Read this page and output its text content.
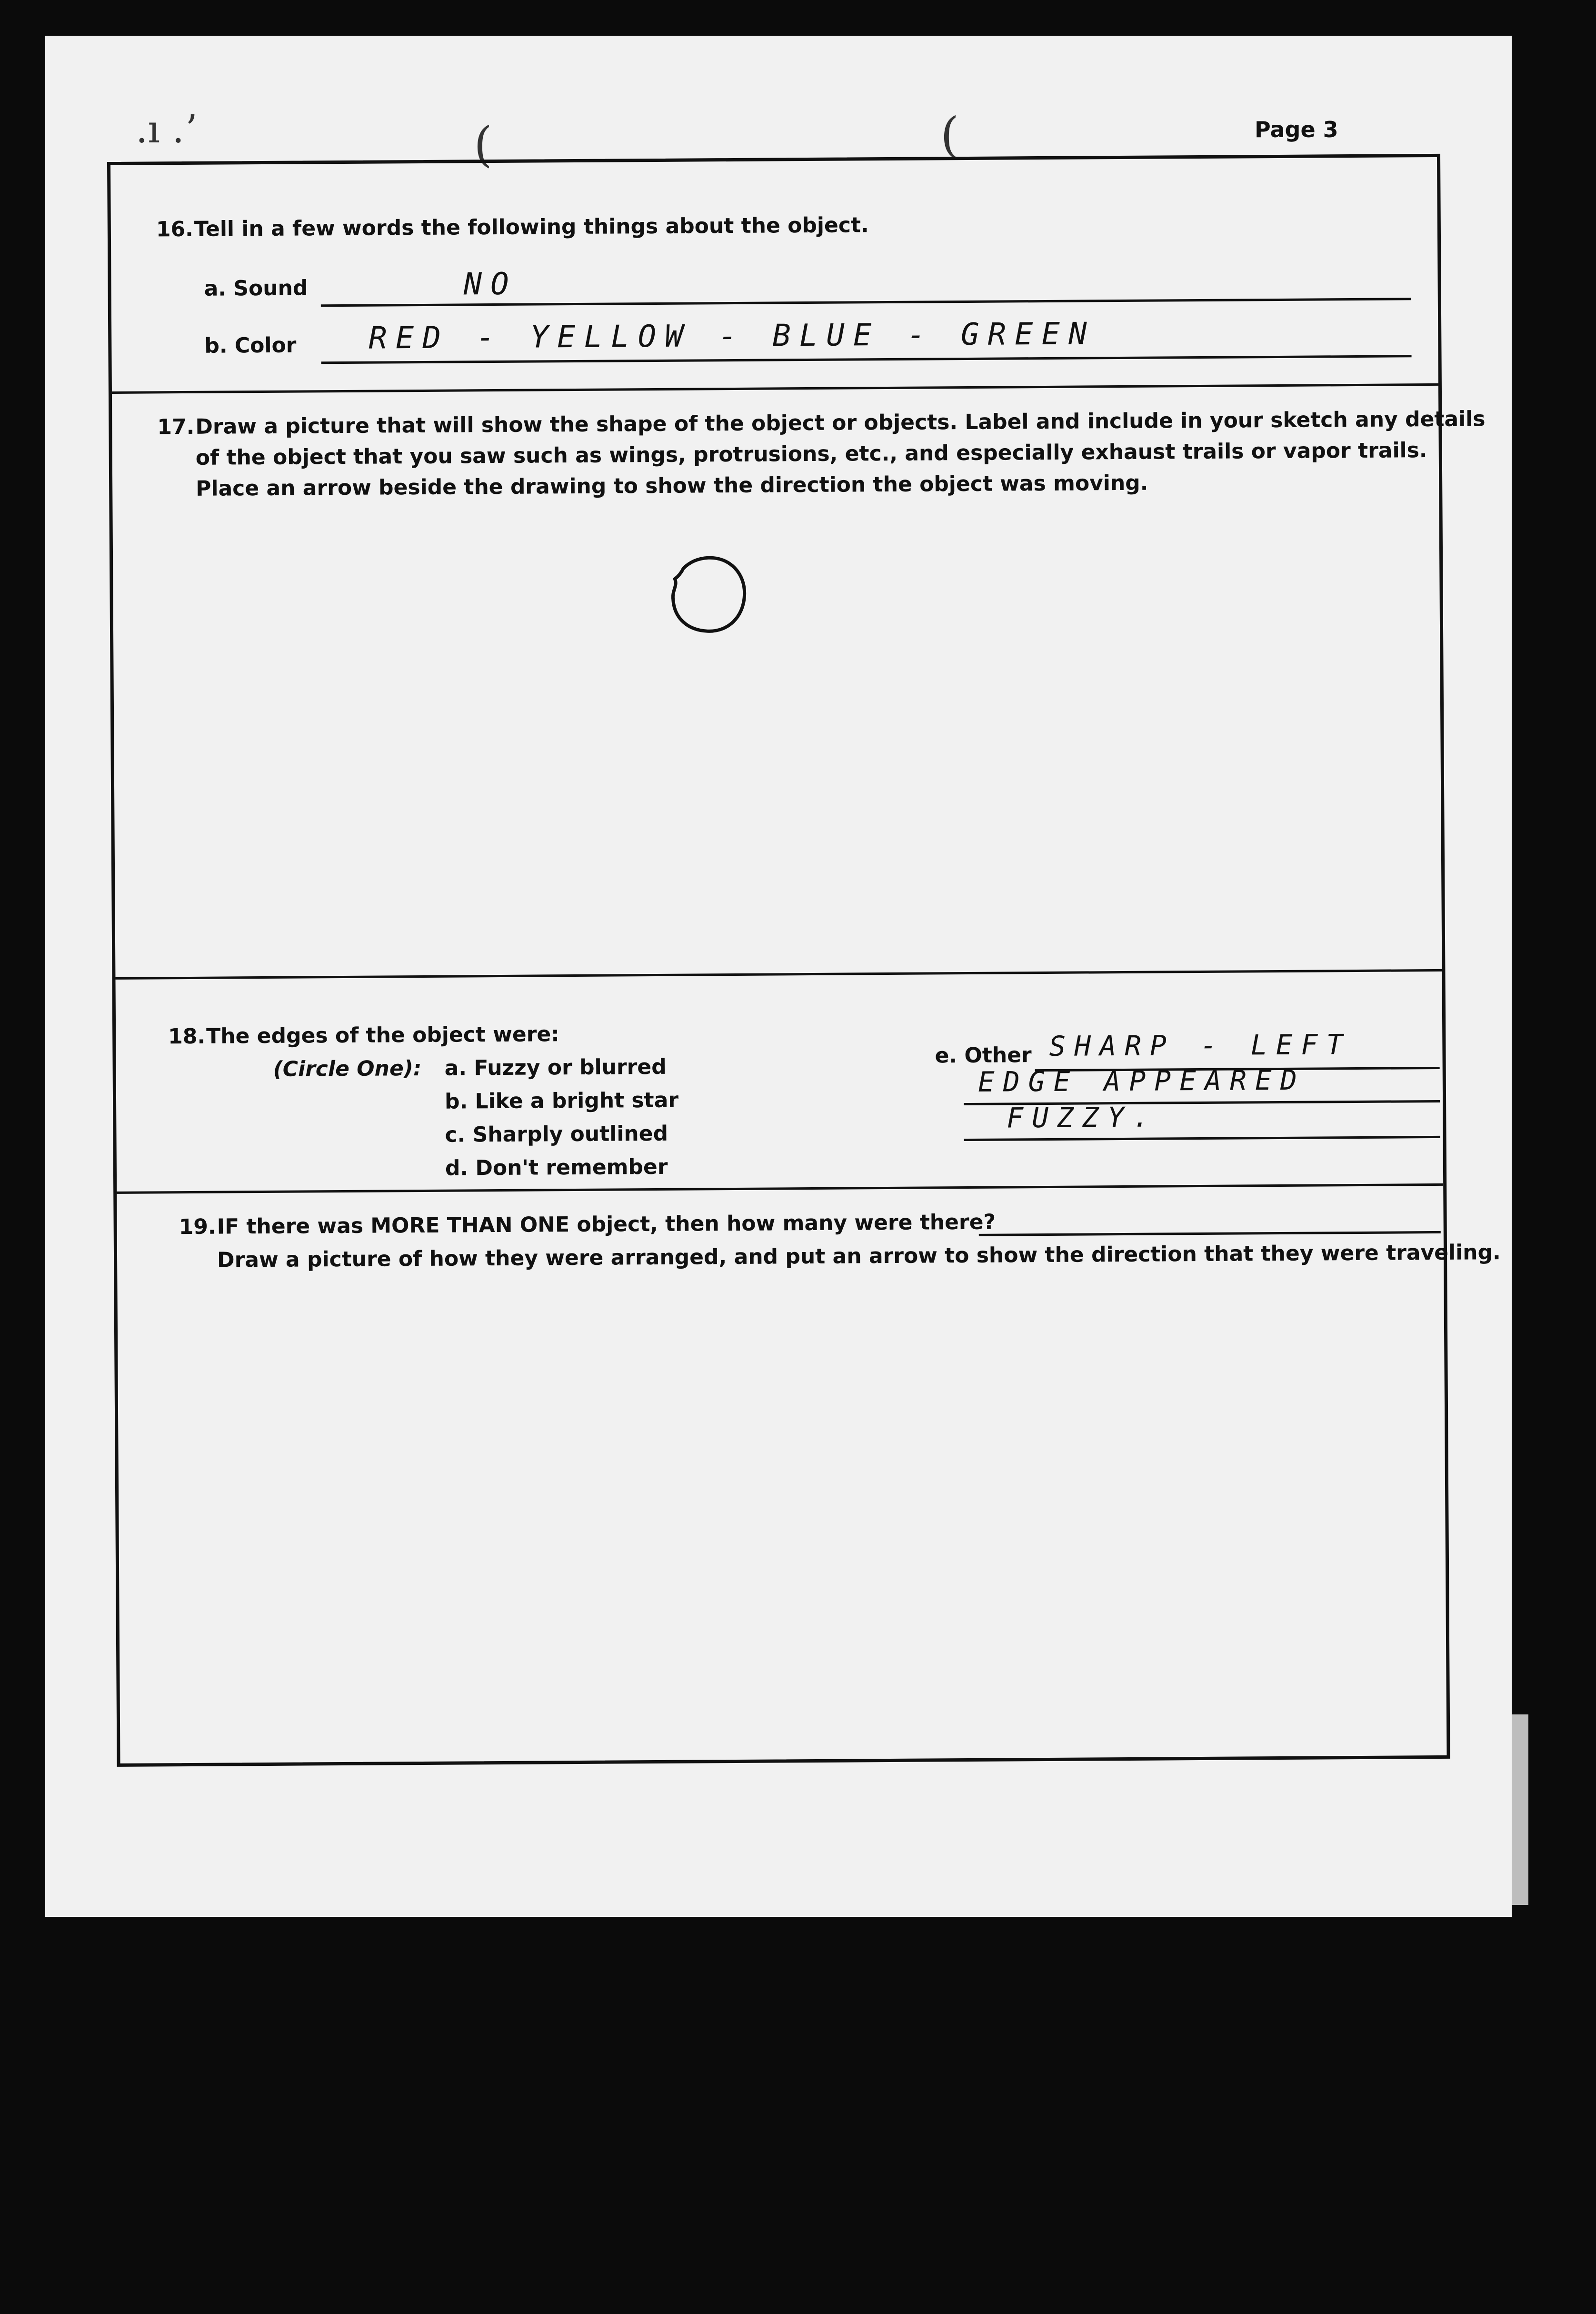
.ı .ʼ	(	(	Page 3
16.Tell in a few words the following things about the object.
a. Sound	NO
b. Color RED - YELLOW - BLUE - GREEN
17.Draw a picture that will show the shape of the object or objects. Label and include in your sketch any details
of the object that you saw such as wings, protrusions, etc., and especially exhaust trails or vapor trails.
Place an arrow beside the drawing to show the direction the object was moving.
18.The edges of the object were:
(Circle One): a. Fuzzy or blurred
b. Like a bright star
c. Sharply outlined
d. Don't remember
e. Other SHARP - LEFT
EDGE APPEARED
FUZZY.
19.IF there was MORE THAN ONE object, then how many were there?
Draw a picture of how they were arranged, and put an arrow to show the direction that they were traveling.
